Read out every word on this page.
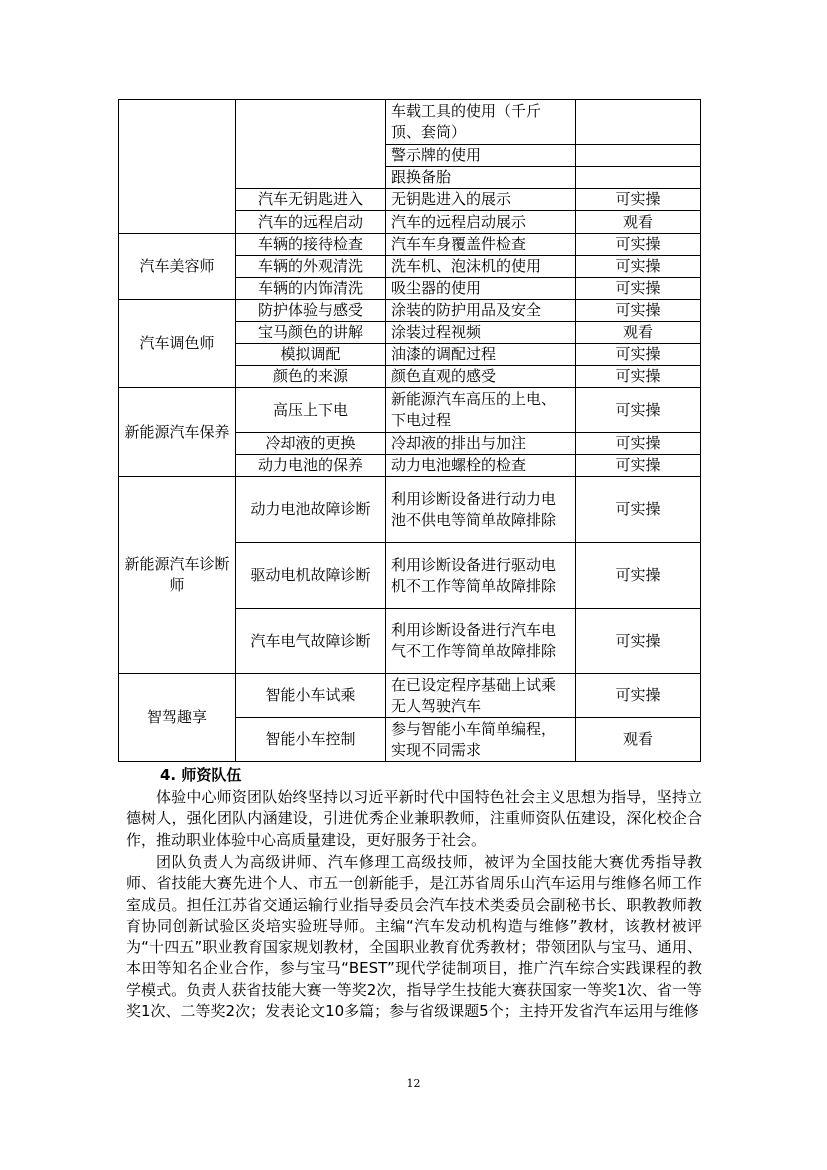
		车载工具的使用（千斤顶、套筒）	
		警示牌的使用	
		跟换备胎	
	汽车无钥匙进入	无钥匙进入的展示	可实操
	汽车的远程启动	汽车的远程启动展示	观看
汽车美容师	车辆的接待检查	汽车车身覆盖件检查	可实操
	车辆的外观清洗	洗车机、泡沫机的使用	可实操
	车辆的内饰清洗	吸尘器的使用	可实操
汽车调色师	防护体验与感受	涂装的防护用品及安全	可实操
	宝马颜色的讲解	涂装过程视频	观看
	模拟调配	油漆的调配过程	可实操
	颜色的来源	颜色直观的感受	可实操
新能源汽车保养	高压上下电	新能源汽车高压的上电、下电过程	可实操
	冷却液的更换	冷却液的排出与加注	可实操
	动力电池的保养	动力电池螺栓的检查	可实操
新能源汽车诊断师	动力电池故障诊断	利用诊断设备进行动力电池不供电等简单故障排除	可实操
	驱动电机故障诊断	利用诊断设备进行驱动电机不工作等简单故障排除	可实操
	汽车电气故障诊断	利用诊断设备进行汽车电气不工作等简单故障排除	可实操
智驾趣享	智能小车试乘	在已设定程序基础上试乘无人驾驶汽车	可实操
	智能小车控制	参与智能小车简单编程，实现不同需求	观看
4. 师资队伍

体验中心师资团队始终坚持以习近平新时代中国特色社会主义思想为指导，坚持立德树人，强化团队内涵建设，引进优秀企业兼职教师，注重师资队伍建设，深化校企合作，推动职业体验中心高质量建设，更好服务于社会。

团队负责人为高级讲师、汽车修理工高级技师，被评为全国技能大赛优秀指导教师、省技能大赛先进个人、市五一创新能手，是江苏省周乐山汽车运用与维修名师工作室成员。担任江苏省交通运输行业指导委员会汽车技术类委员会副秘书长、职教教师教育协同创新试验区炎培实验班导师。主编“汽车发动机构造与维修”教材，该教材被评为“十四五”职业教育国家规划教材，全国职业教育优秀教材；带领团队与宝马、通用、本田等知名企业合作，参与宝马“BEST”现代学徒制项目，推广汽车综合实践课程的教学模式。负责人获省技能大赛一等奖2次，指导学生技能大赛获国家一等奖1次、省一等奖1次、二等奖2次；发表论文10多篇；参与省级课题5个；主持开发省汽车运用与维修

12
